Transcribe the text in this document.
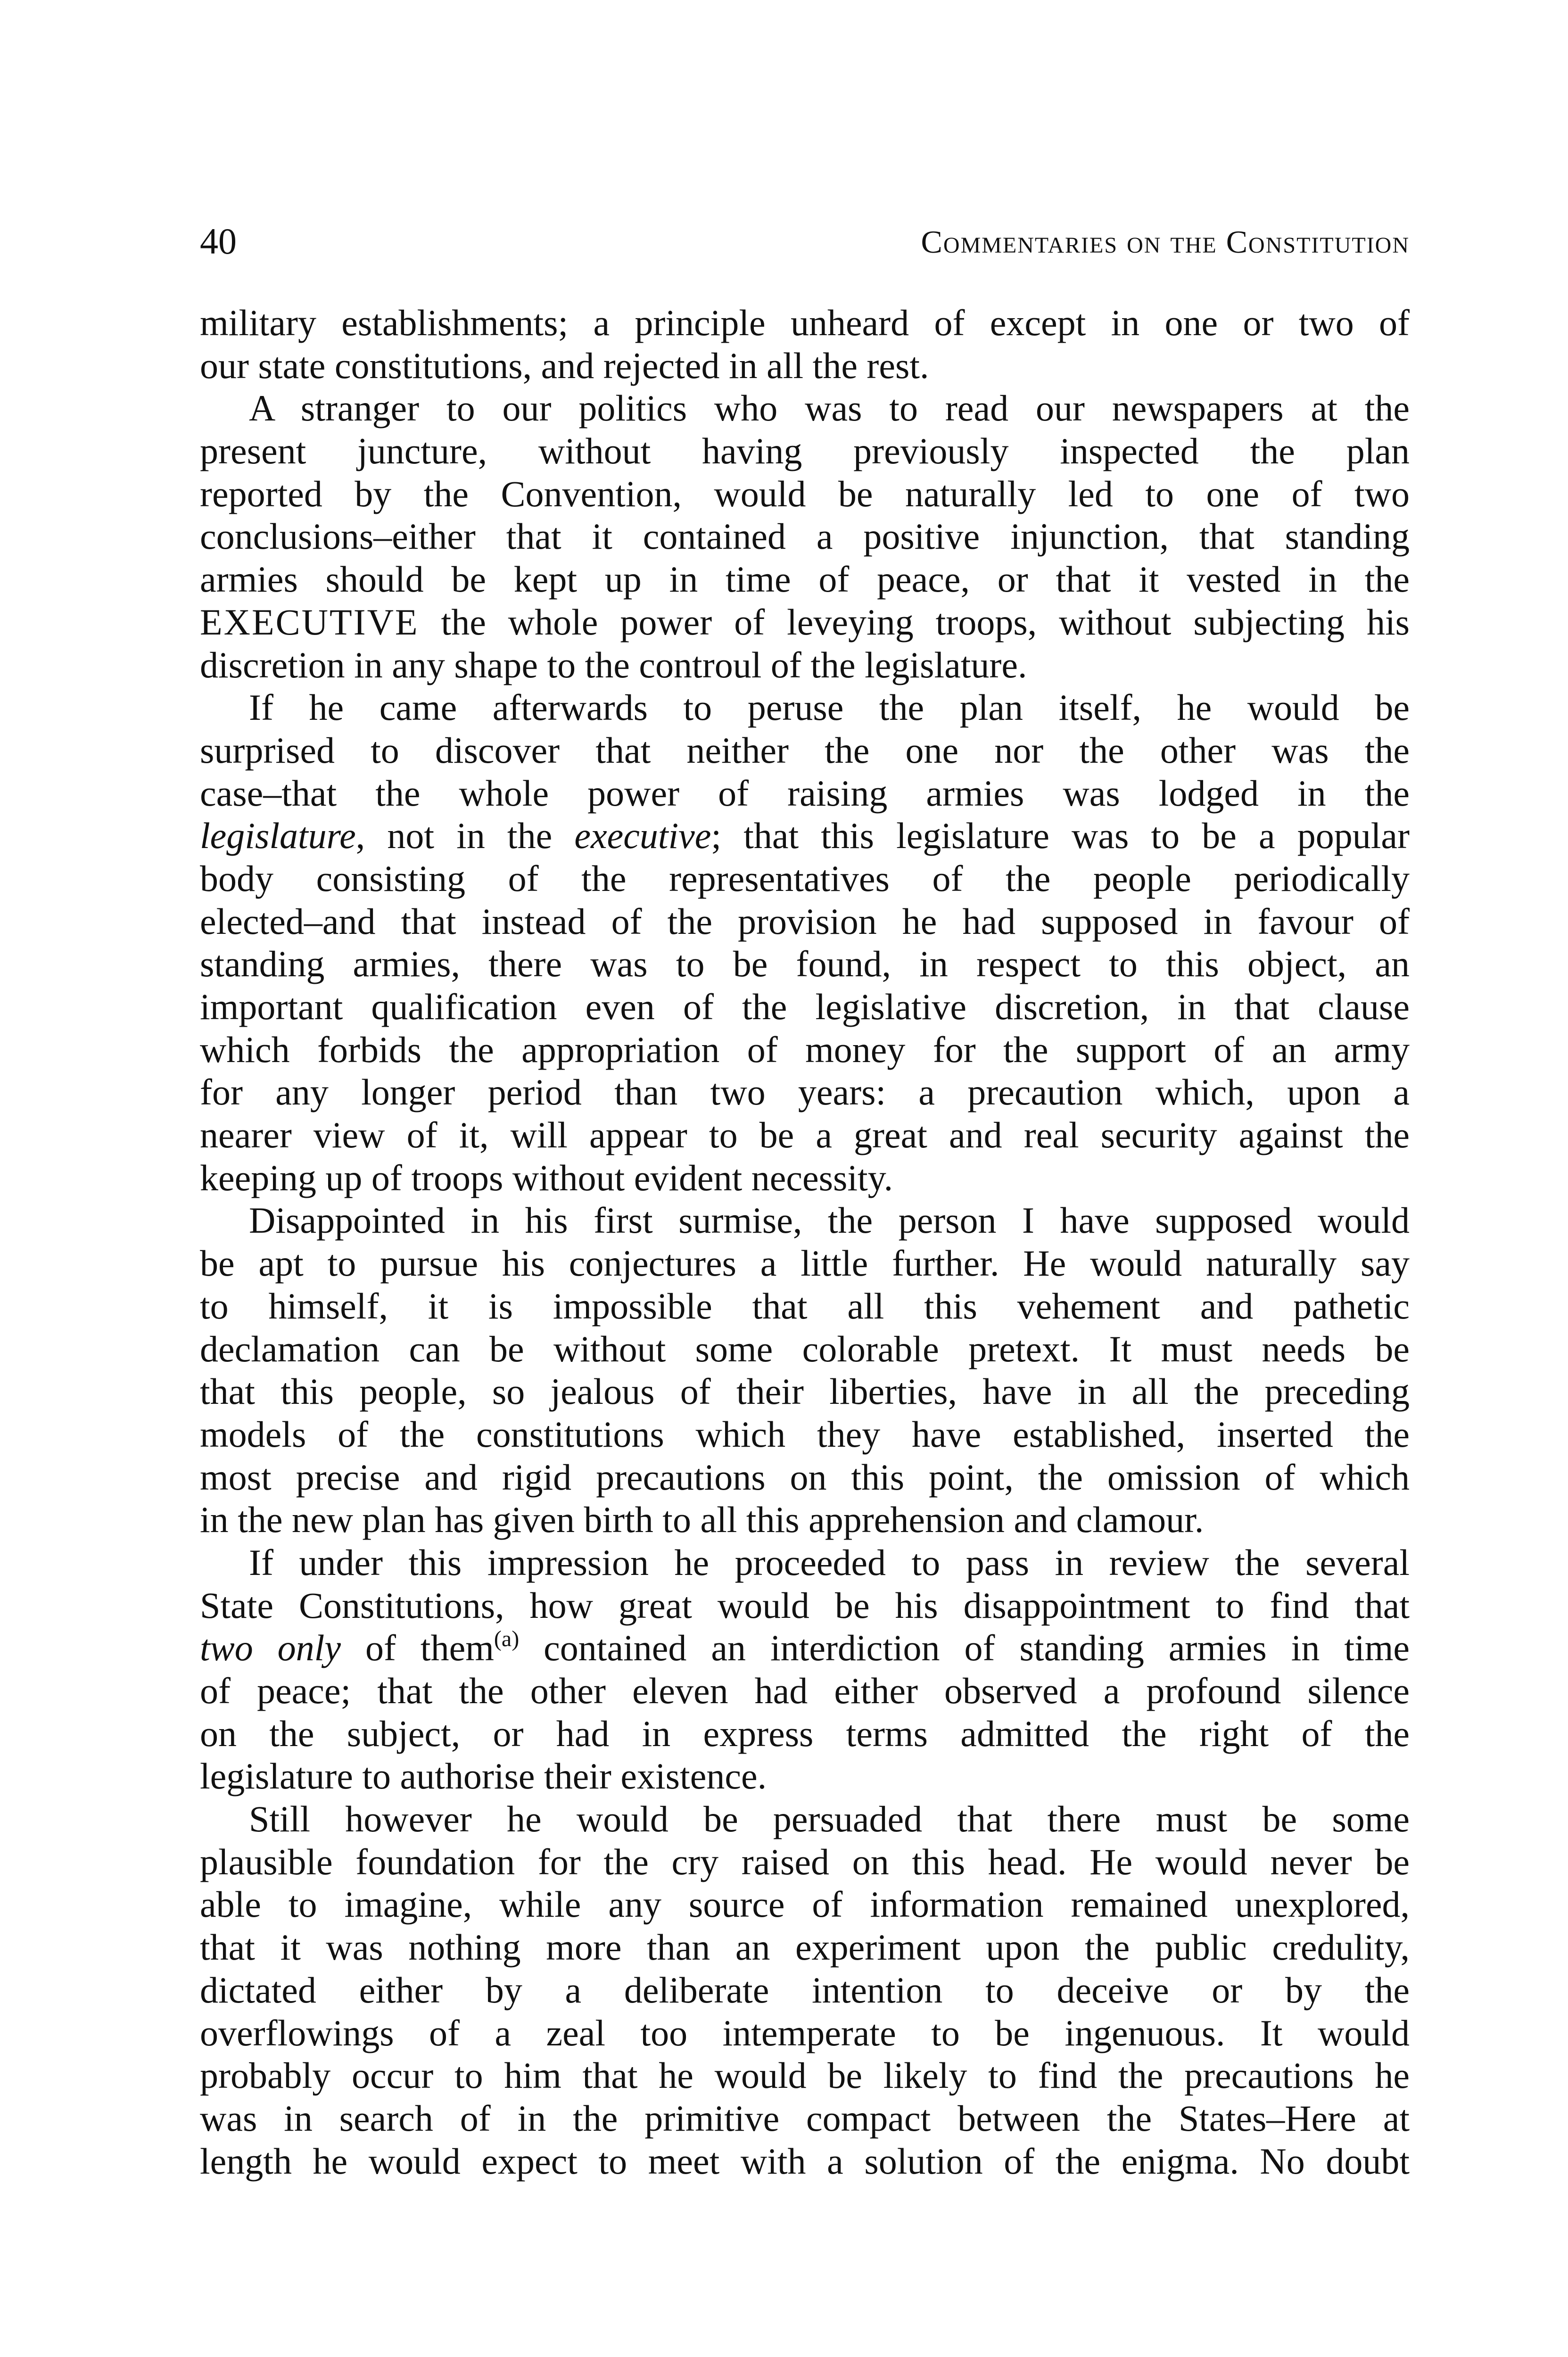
40	Commentaries on the Constitution
military establishments; a principle unheard of except in one or two of
our state constitutions, and rejected in all the rest.
A stranger to our politics who was to read our newspapers at the
present juncture, without having previously inspected the plan
reported by the Convention, would be naturally led to one of two
conclusions–either that it contained a positive injunction, that standing
armies should be kept up in time of peace, or that it vested in the
EXECUTIVE the whole power of leveying troops, without subjecting his
discretion in any shape to the controul of the legislature.
If he came afterwards to peruse the plan itself, he would be
surprised to discover that neither the one nor the other was the
case–that the whole power of raising armies was lodged in the
legislature, not in the executive; that this legislature was to be a popular
body consisting of the representatives of the people periodically
elected–and that instead of the provision he had supposed in favour of
standing armies, there was to be found, in respect to this object, an
important qualification even of the legislative discretion, in that clause
which forbids the appropriation of money for the support of an army
for any longer period than two years: a precaution which, upon a
nearer view of it, will appear to be a great and real security against the
keeping up of troops without evident necessity.
Disappointed in his first surmise, the person I have supposed would
be apt to pursue his conjectures a little further. He would naturally say
to himself, it is impossible that all this vehement and pathetic
declamation can be without some colorable pretext. It must needs be
that this people, so jealous of their liberties, have in all the preceding
models of the constitutions which they have established, inserted the
most precise and rigid precautions on this point, the omission of which
in the new plan has given birth to all this apprehension and clamour.
If under this impression he proceeded to pass in review the several
State Constitutions, how great would be his disappointment to find that
two only of them$^{(a)}$ contained an interdiction of standing armies in time
of peace; that the other eleven had either observed a profound silence
on the subject, or had in express terms admitted the right of the
legislature to authorise their existence.
Still however he would be persuaded that there must be some
plausible foundation for the cry raised on this head. He would never be
able to imagine, while any source of information remained unexplored,
that it was nothing more than an experiment upon the public credulity,
dictated either by a deliberate intention to deceive or by the
overflowings of a zeal too intemperate to be ingenuous. It would
probably occur to him that he would be likely to find the precautions he
was in search of in the primitive compact between the States–Here at
length he would expect to meet with a solution of the enigma. No doubt
